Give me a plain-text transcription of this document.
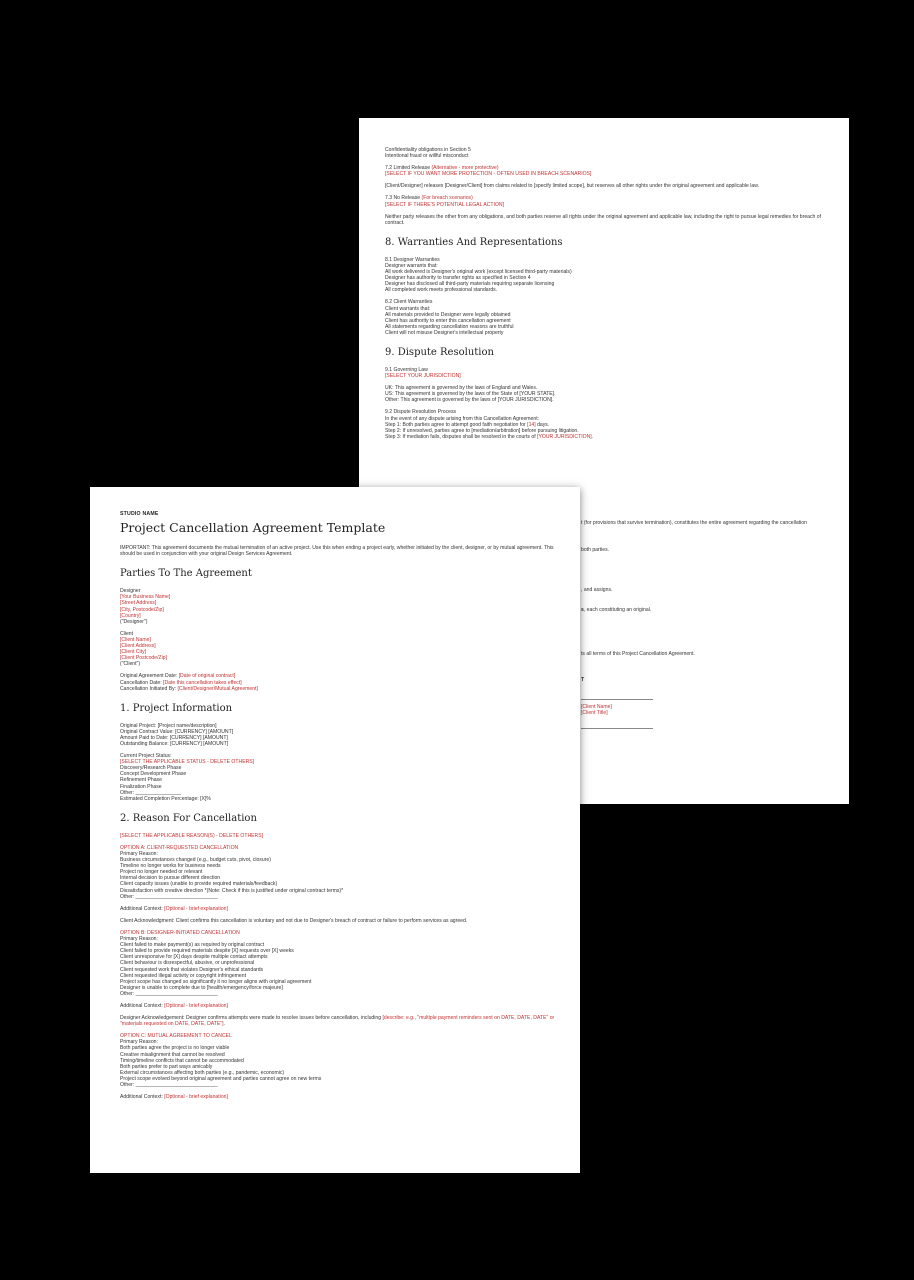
Confidentiality obligations in Section 5
Intentional fraud or willful misconduct
7.2 Limited Release (Alternative - more protective)
[SELECT IF YOU WANT MORE PROTECTION - OFTEN USED IN BREACH SCENARIOS]
[Client/Designer] releases [Designer/Client] from claims related to [specify limited scope], but reserves all other rights under the original agreement and applicable law.
7.3 No Release (For breach scenarios)
[SELECT IF THERE'S POTENTIAL LEGAL ACTION]
Neither party releases the other from any obligations, and both parties reserve all rights under the original agreement and applicable law, including the right to pursue legal remedies for breach of contract.
8. Warranties And Representations
8.1 Designer Warranties
Designer warrants that:
All work delivered is Designer's original work (except licensed third-party materials)
Designer has authority to transfer rights as specified in Section 4
Designer has disclosed all third-party materials requiring separate licensing
All completed work meets professional standards.
8.2 Client Warranties
Client warrants that:
All materials provided to Designer were legally obtained
Client has authority to enter this cancellation agreement
All statements regarding cancellation reasons are truthful
Client will not misuse Designer's intellectual property
9. Dispute Resolution
9.1 Governing Law
[SELECT YOUR JURISDICTION]
UK: This agreement is governed by the laws of England and Wales.
US: This agreement is governed by the laws of the State of [YOUR STATE].
Other: This agreement is governed by the laws of [YOUR JURISDICTION].
9.2 Dispute Resolution Process
In the event of any dispute arising from this Cancellation Agreement:
Step 1: Both parties agree to attempt good faith negotiation for [14] days.
Step 2: If unresolved, parties agree to [mediation/arbitration] before pursuing litigation.
Step 3: If mediation fails, disputes shall be resolved in the courts of [YOUR JURISDICTION].
t (for provisions that survive termination), constitutes the entire agreement regarding the cancellation
both parties.
, and assigns.
s, each constituting an original.
ts all terms of this Project Cancellation Agreement.
T
[Client Name]
[Client Title]
STUDIO NAME
Project Cancellation Agreement Template
IMPORTANT: This agreement documents the mutual termination of an active project. Use this when ending a project early, whether initiated by the client, designer, or by mutual agreement. This should be used in conjunction with your original Design Services Agreement.
Parties To The Agreement
Designer
[Your Business Name]
[Street Address]
[City, Postcode/Zip]
[Country]
("Designer")
Client
[Client Name]
[Client Address]
[Client City]
[Client Postcode/Zip]
("Client")
Original Agreement Date: [Date of original contract]
Cancellation Date: [Date this cancellation takes effect]
Cancellation Initiated By: [Client/Designer/Mutual Agreement]
1. Project Information
Original Project: [Project name/description]
Original Contract Value: [CURRENCY] [AMOUNT]
Amount Paid to Date: [CURRENCY] [AMOUNT]
Outstanding Balance: [CURRENCY] [AMOUNT]
Current Project Status:
[SELECT THE APPLICABLE STATUS - DELETE OTHERS]
Discovery/Research Phase
Concept Development Phase
Refinement Phase
Finalization Phase
Other: ________________
Estimated Completion Percentage: [X]%
2. Reason For Cancellation
[SELECT THE APPLICABLE REASON(S) - DELETE OTHERS]
OPTION A: CLIENT-REQUESTED CANCELLATION
Primary Reason:
Business circumstances changed (e.g., budget cuts, pivot, closure)
Timeline no longer works for business needs
Project no longer needed or relevant
Internal decision to pursue different direction
Client capacity issues (unable to provide required materials/feedback)
Dissatisfaction with creative direction *(Note: Check if this is justified under original contract terms)*
Other: _____________________________
Additional Context: [Optional - brief explanation]
Client Acknowledgment: Client confirms this cancellation is voluntary and not due to Designer's breach of contract or failure to perform services as agreed.
OPTION B: DESIGNER-INITIATED CANCELLATION
Primary Reason:
Client failed to make payment(s) as required by original contract
Client failed to provide required materials despite [X] requests over [X] weeks
Client unresponsive for [X] days despite multiple contact attempts
Client behaviour is disrespectful, abusive, or unprofessional
Client requested work that violates Designer's ethical standards
Client requested illegal activity or copyright infringement
Project scope has changed so significantly it no longer aligns with original agreement
Designer is unable to complete due to [health/emergency/force majeure]
Other: _____________________________
Additional Context: [Optional - brief explanation]
Designer Acknowledgement: Designer confirms attempts were made to resolve issues before cancellation, including [describe: e.g., "multiple payment reminders sent on DATE, DATE, DATE" or "materials requested on DATE, DATE, DATE"].
OPTION C: MUTUAL AGREEMENT TO CANCEL
Primary Reason:
Both parties agree the project is no longer viable
Creative misalignment that cannot be resolved
Timing/timeline conflicts that cannot be accommodated
Both parties prefer to part ways amicably
External circumstances affecting both parties (e.g., pandemic, economic)
Project scope evolved beyond original agreement and parties cannot agree on new terms
Other: _____________________________
Additional Context: [Optional - brief explanation]
